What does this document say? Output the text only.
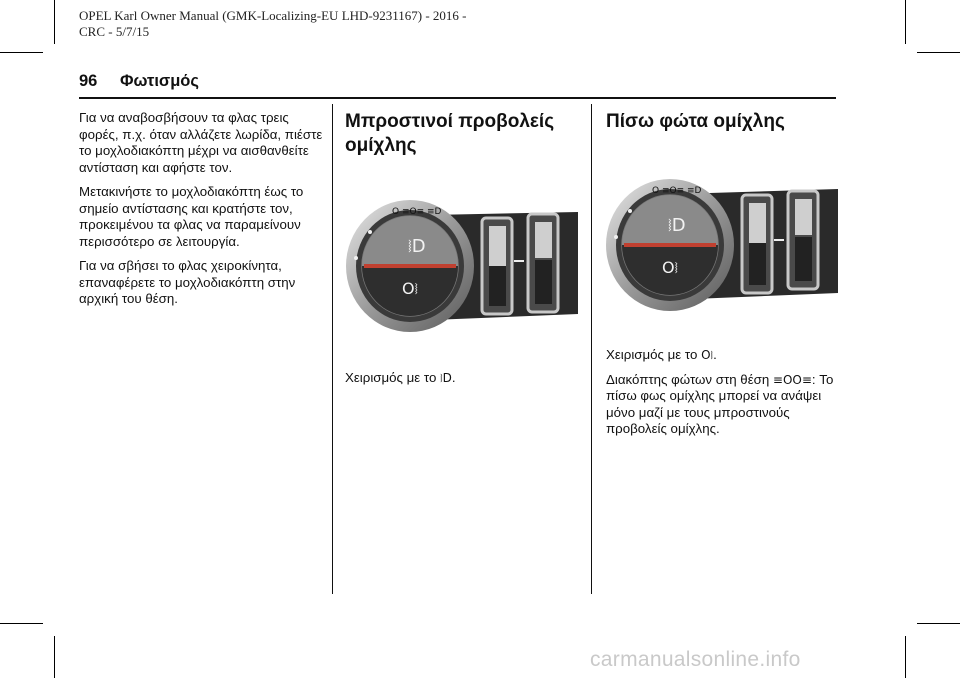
OPEL Karl Owner Manual (GMK-Localizing-EU LHD-9231167) - 2016 -
CRC - 5/7/15
96 Φωτισμός

Για να αναβοσβήσουν τα φλας τρεις φορές, π.χ. όταν αλλάζετε λωρίδα, πιέστε το μοχλοδιακόπτη μέχρι να αισθανθείτε αντίσταση και αφήστε τον.

Μετακινήστε το μοχλοδιακόπτη έως το σημείο αντίστασης και κρατήστε τον, προκειμένου τα φλας να παραμείνουν περισσότερο σε λειτουργία.

Για να σβήσει το φλας χειροκίνητα, επαναφέρετε το μοχλοδιακόπτη στην αρχική του θέση.

Μπροστινοί προβολείς
ομίχλης
Χειρισμός με το ⧘D.
⧘D
O⧘
O ≡O≡ ≡D
Πίσω φώτα ομίχλης

Χειρισμός με το O⧘.

Διακόπτης φώτων στη θέση ≡OO≡: Το πίσω φως ομίχλης μπορεί να ανάψει μόνο μαζί με τους μπροστινούς προβολείς ομίχλης.

⧘D
O⧘
O ≡O≡ ≡D
carmanualsonline.info
